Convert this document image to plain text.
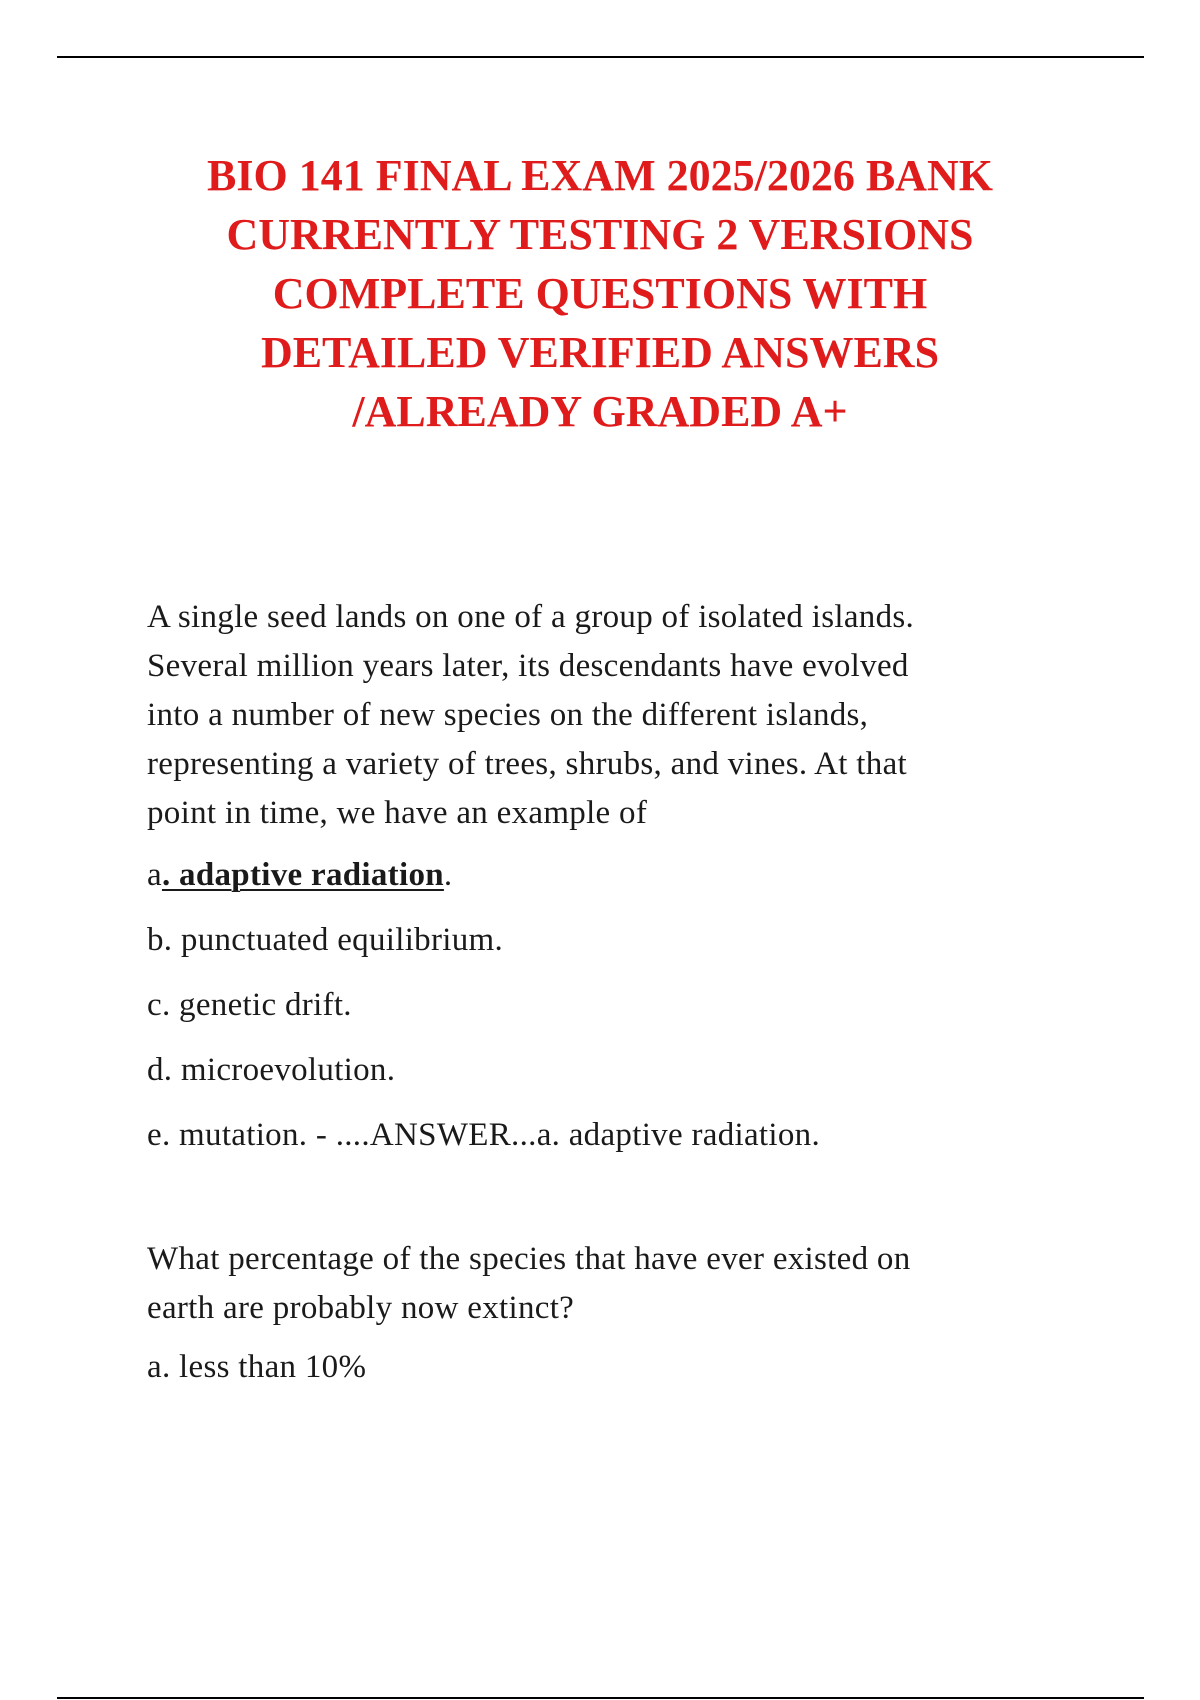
BIO 141 FINAL EXAM 2025/2026 BANK
CURRENTLY TESTING 2 VERSIONS
COMPLETE QUESTIONS WITH
DETAILED VERIFIED ANSWERS
/ALREADY GRADED A+
A single seed lands on one of a group of isolated islands.
Several million years later, its descendants have evolved
into a number of new species on the different islands,
representing a variety of trees, shrubs, and vines. At that
point in time, we have an example of
a. adaptive radiation.
b. punctuated equilibrium.
c. genetic drift.
d. microevolution.
e. mutation. - ....ANSWER...a. adaptive radiation.
What percentage of the species that have ever existed on
earth are probably now extinct?
a. less than 10%
